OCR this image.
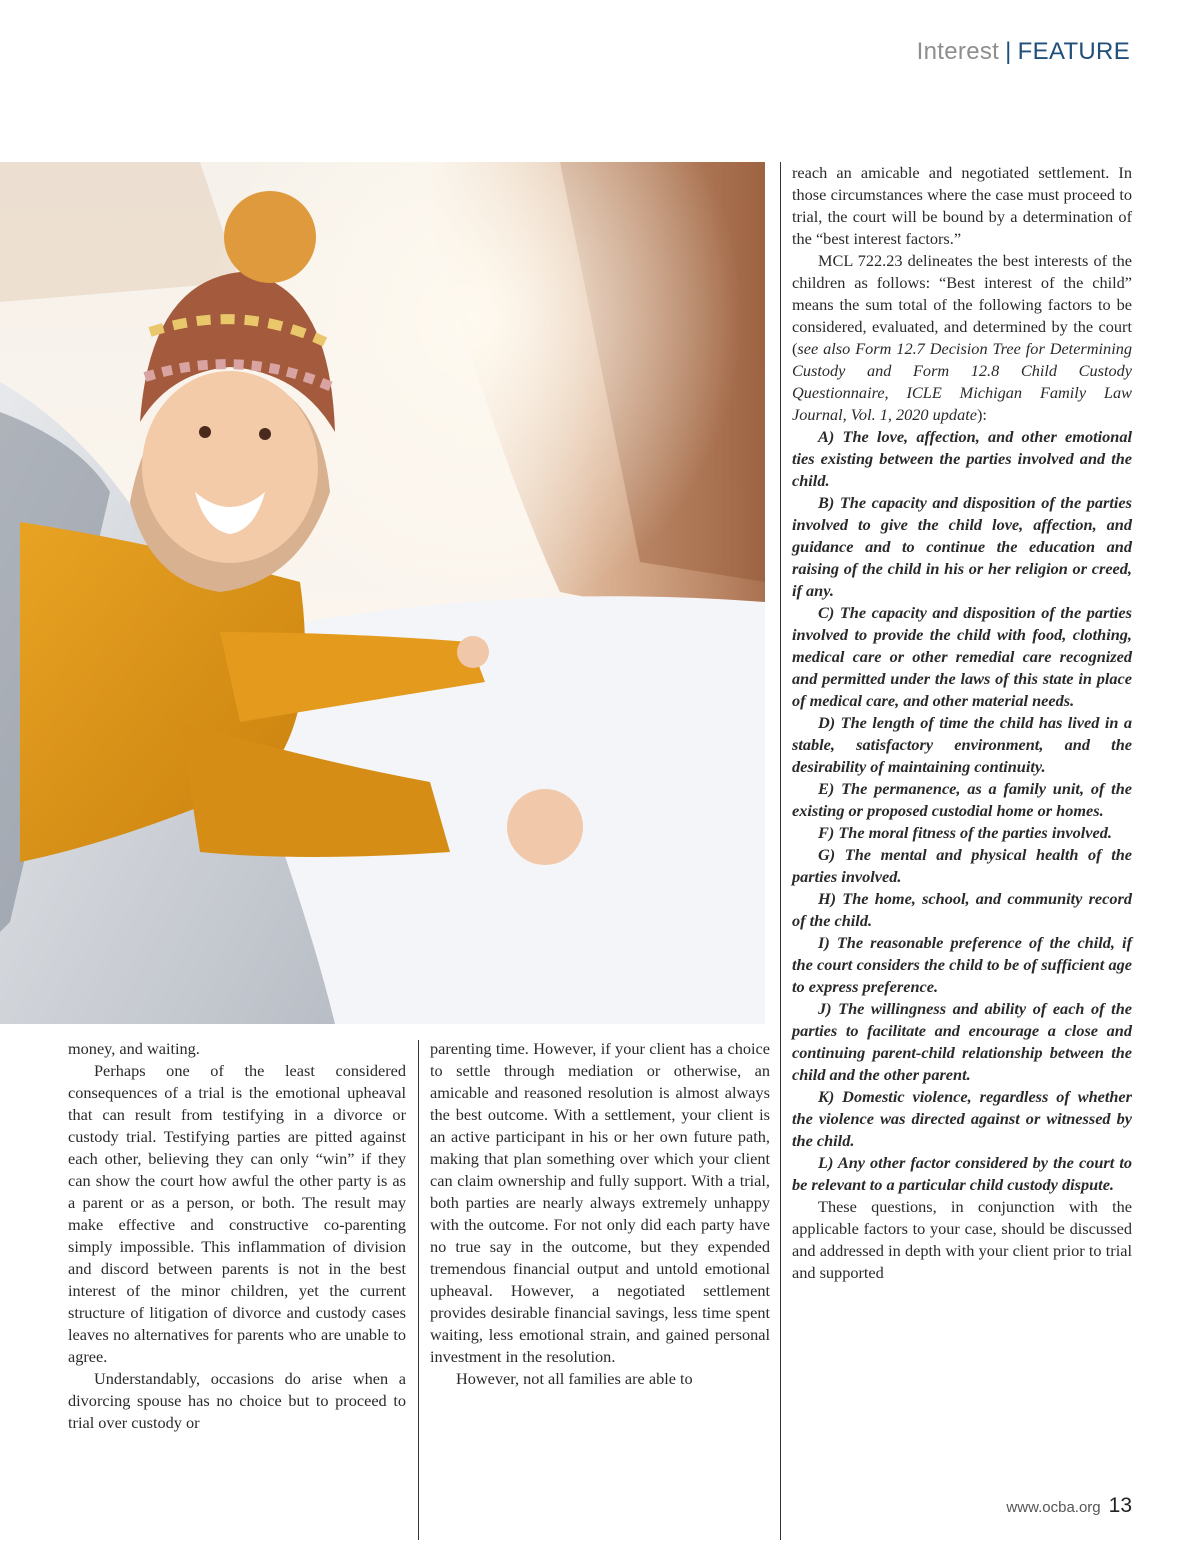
Interest | FEATURE

money, and waiting.

Perhaps one of the least considered consequences of a trial is the emotional upheaval that can result from testifying in a divorce or custody trial. Testifying parties are pitted against each other, believing they can only “win” if they can show the court how awful the other party is as a parent or as a person, or both. The result may make effective and constructive co-parenting simply impossible. This inflammation of division and discord between parents is not in the best interest of the minor children, yet the current structure of litigation of divorce and custody cases leaves no alternatives for parents who are unable to agree.

Understandably, occasions do arise when a divorcing spouse has no choice but to proceed to trial over custody or

parenting time. However, if your client has a choice to settle through mediation or otherwise, an amicable and reasoned resolution is almost always the best outcome. With a settlement, your client is an active participant in his or her own future path, making that plan something over which your client can claim ownership and fully support. With a trial, both parties are nearly always extremely unhappy with the outcome. For not only did each party have no true say in the outcome, but they expended tremendous financial output and untold emotional upheaval. However, a negotiated settlement provides desirable financial savings, less time spent waiting, less emotional strain, and gained personal investment in the resolution.

However, not all families are able to

reach an amicable and negotiated settlement. In those circumstances where the case must proceed to trial, the court will be bound by a determination of the “best interest factors.”

MCL 722.23 delineates the best interests of the children as follows: “Best interest of the child” means the sum total of the following factors to be considered, evaluated, and determined by the court (see also Form 12.7 Decision Tree for Determining Custody and Form 12.8 Child Custody Questionnaire, ICLE Michigan Family Law Journal, Vol. 1, 2020 update):

A) The love, affection, and other emotional ties existing between the parties involved and the child.

B) The capacity and disposition of the parties involved to give the child love, affection, and guidance and to continue the education and raising of the child in his or her religion or creed, if any.

C) The capacity and disposition of the parties involved to provide the child with food, clothing, medical care or other remedial care recognized and permitted under the laws of this state in place of medical care, and other material needs.

D) The length of time the child has lived in a stable, satisfactory environment, and the desirability of maintaining continuity.

E) The permanence, as a family unit, of the existing or proposed custodial home or homes.

F) The moral fitness of the parties involved.

G) The mental and physical health of the parties involved.

H) The home, school, and community record of the child.

I) The reasonable preference of the child, if the court considers the child to be of sufficient age to express preference.

J) The willingness and ability of each of the parties to facilitate and encourage a close and continuing parent-child relationship between the child and the other parent.

K) Domestic violence, regardless of whether the violence was directed against or witnessed by the child.

L) Any other factor considered by the court to be relevant to a particular child custody dispute.

These questions, in conjunction with the applicable factors to your case, should be discussed and addressed in depth with your client prior to trial and supported

www.ocba.org 13
